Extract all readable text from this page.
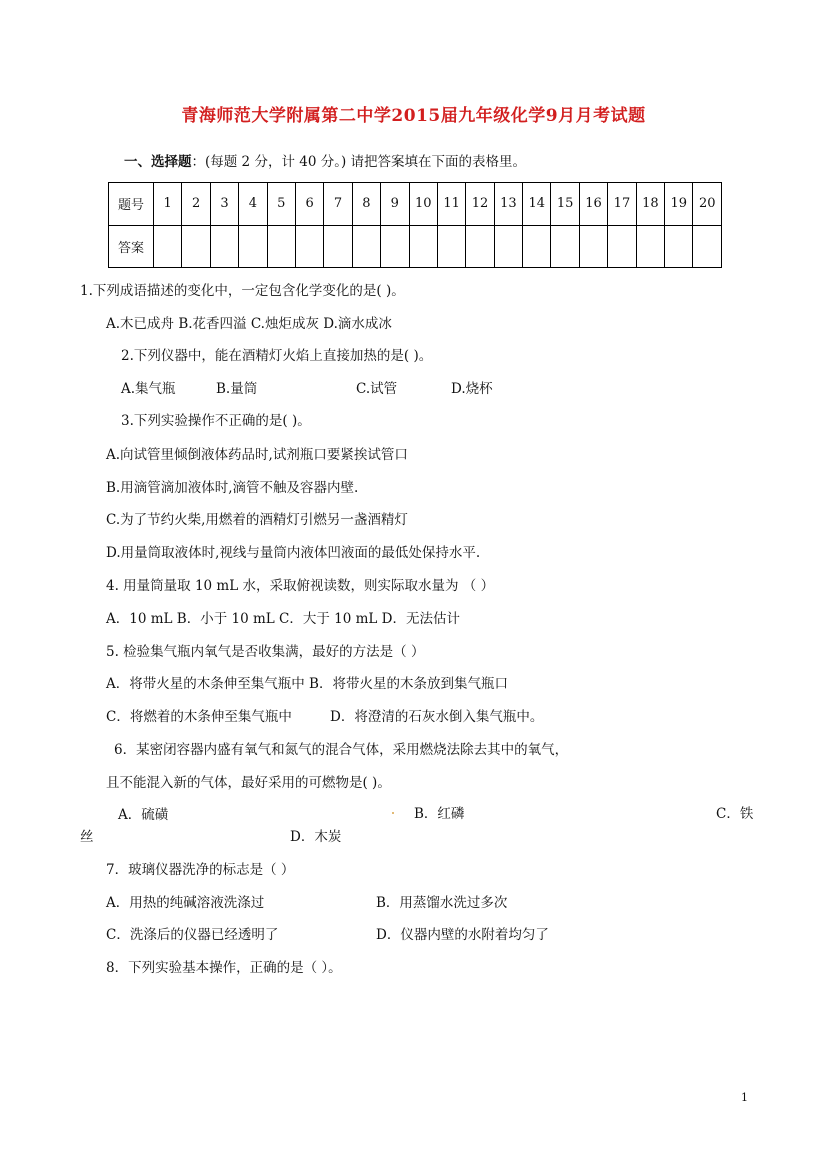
青海师范大学附属第二中学2015届九年级化学9月月考试题
一、选择题：(每题 2 分，计 40 分。) 请把答案填在下面的表格里。
题号	1	2	3	4	5	6	7	8	9	10	11	12	13	14	15	16	17	18	19	20
答案																				
1.下列成语描述的变化中，一定包含化学变化的是( )。
A.木已成舟 B.花香四溢 C.烛炬成灰 D.滴水成冰
2.下列仪器中，能在酒精灯火焰上直接加热的是( )。
A.集气瓶	B.量筒	C.试管	D.烧杯
3.下列实验操作不正确的是( )。
A.向试管里倾倒液体药品时,试剂瓶口要紧挨试管口
B.用滴管滴加液体时,滴管不触及容器内壁.
C.为了节约火柴,用燃着的酒精灯引燃另一盏酒精灯
D.用量筒取液体时,视线与量筒内液体凹液面的最低处保持水平.
4. 用量筒量取 10 mL 水，采取俯视读数，则实际取水量为 （ ）
A．10 mL B．小于 10 mL C．大于 10 mL D．无法估计
5. 检验集气瓶内氧气是否收集满，最好的方法是（ ）
A．将带火星的木条伸至集气瓶中 B．将带火星的木条放到集气瓶口
C．将燃着的木条伸至集气瓶中	D．将澄清的石灰水倒入集气瓶中。
6．某密闭容器内盛有氧气和氮气的混合气体，采用燃烧法除去其中的氧气，
且不能混入新的气体，最好采用的可燃物是( )。
A．硫磺	B．红磷	C．铁
丝	D．木炭
7．玻璃仪器洗净的标志是（ ）
A．用热的纯碱溶液洗涤过	B．用蒸馏水洗过多次
C．洗涤后的仪器已经透明了	D．仪器内壁的水附着均匀了
8．下列实验基本操作，正确的是（ ）。
1
